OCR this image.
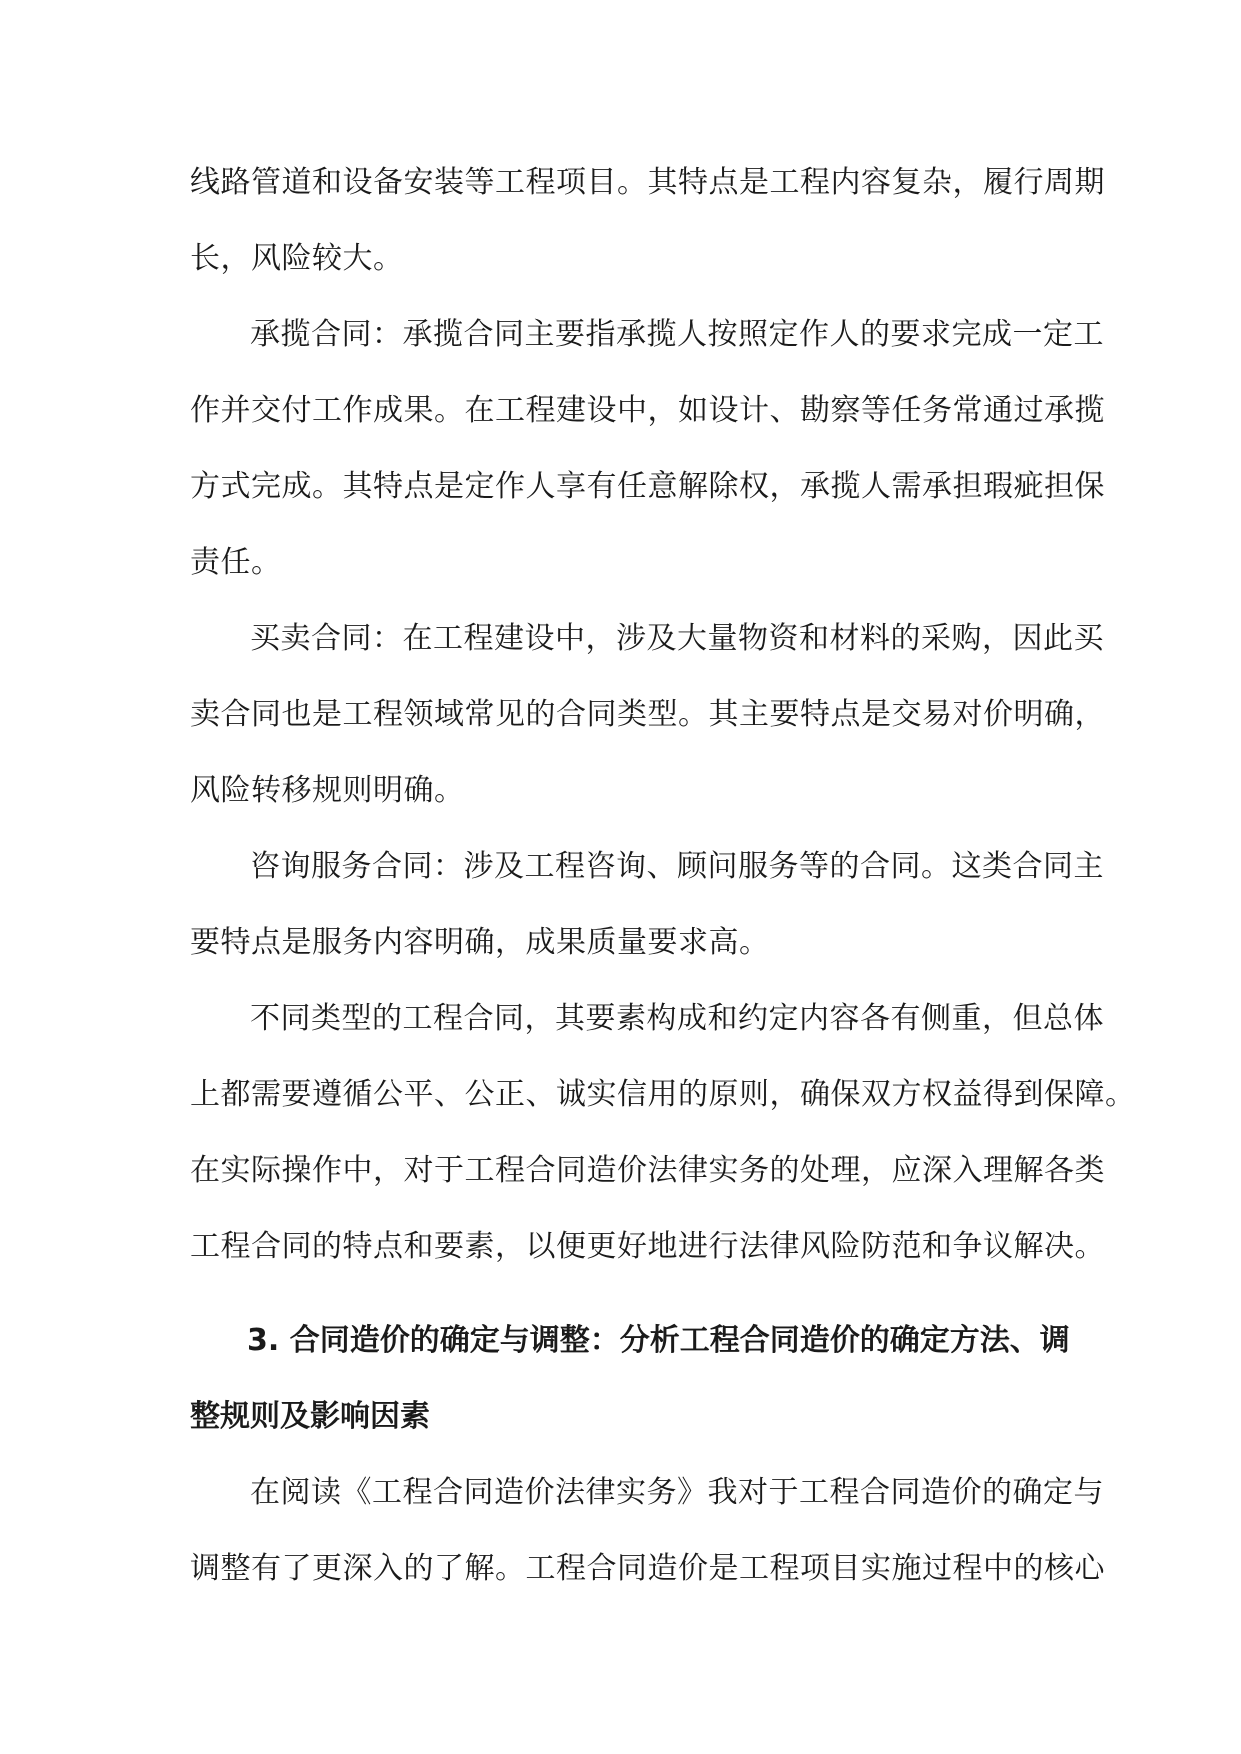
线路管道和设备安装等工程项目。其特点是工程内容复杂，履行周期
长，风险较大。
承揽合同：承揽合同主要指承揽人按照定作人的要求完成一定工
作并交付工作成果。在工程建设中，如设计、勘察等任务常通过承揽
方式完成。其特点是定作人享有任意解除权，承揽人需承担瑕疵担保
责任。
买卖合同：在工程建设中，涉及大量物资和材料的采购，因此买
卖合同也是工程领域常见的合同类型。其主要特点是交易对价明确，
风险转移规则明确。
咨询服务合同：涉及工程咨询、顾问服务等的合同。这类合同主
要特点是服务内容明确，成果质量要求高。
不同类型的工程合同，其要素构成和约定内容各有侧重，但总体
上都需要遵循公平、公正、诚实信用的原则，确保双方权益得到保障。
在实际操作中，对于工程合同造价法律实务的处理，应深入理解各类
工程合同的特点和要素，以便更好地进行法律风险防范和争议解决。
3. 合同造价的确定与调整：分析工程合同造价的确定方法、调
整规则及影响因素
在阅读《工程合同造价法律实务》我对于工程合同造价的确定与
调整有了更深入的了解。工程合同造价是工程项目实施过程中的核心
